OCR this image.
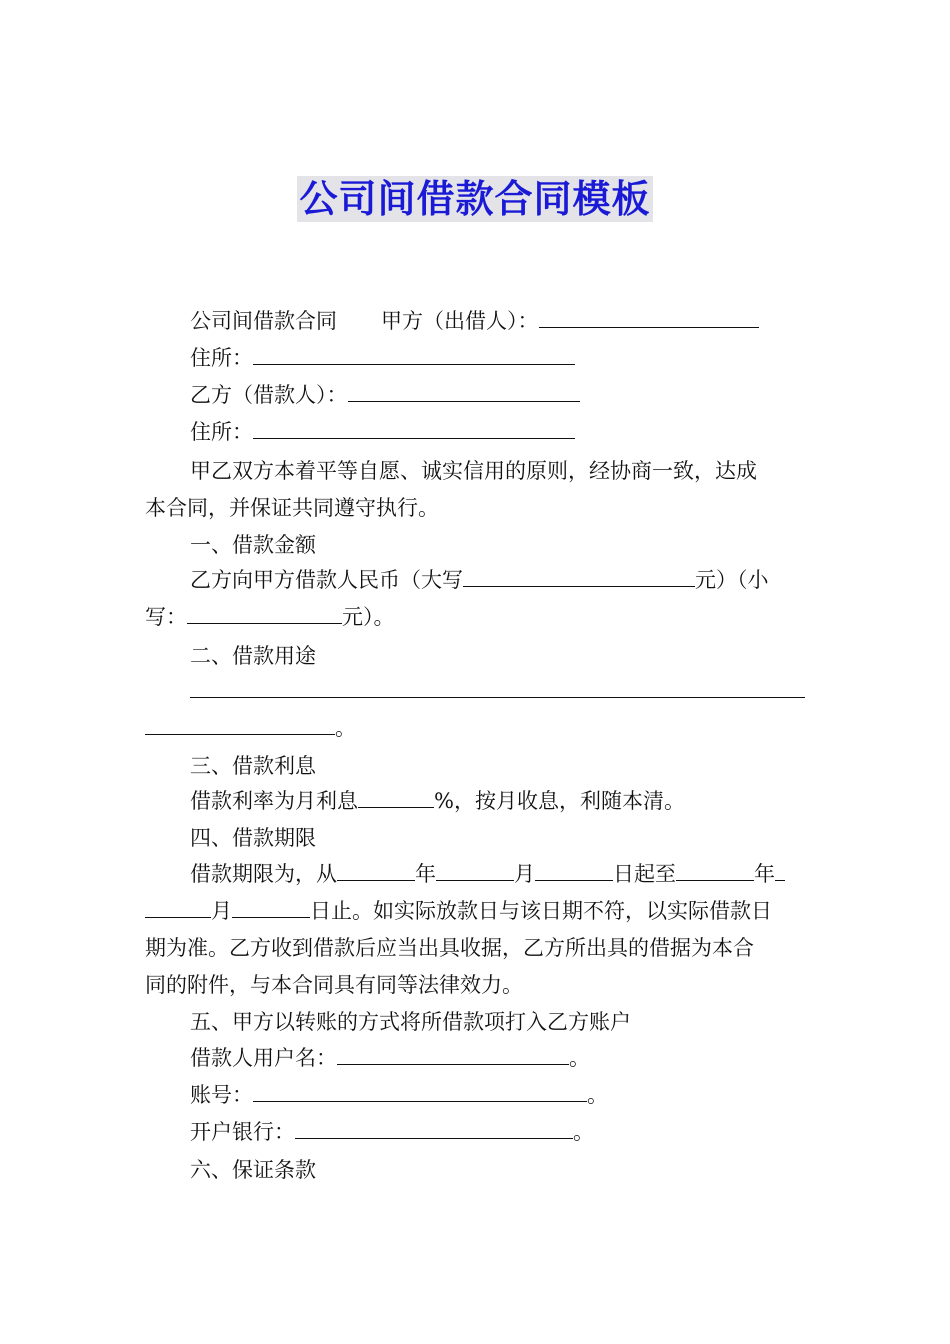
公司间借款合同模板
公司间借款合同 甲方（出借人）：
住所：
乙方（借款人）：
住所：
甲乙双方本着平等自愿、诚实信用的原则，经协商一致，达成
本合同，并保证共同遵守执行。
一、借款金额
乙方向甲方借款人民币（大写	元）（小
写：	元）。
二、借款用途
。
三、借款利息
借款利率为月利息	%，按月收息，利随本清。
四、借款期限
借款期限为，从	年	月	日起至	年
月	日止。如实际放款日与该日期不符，以实际借款日
期为准。乙方收到借款后应当出具收据，乙方所出具的借据为本合
同的附件，与本合同具有同等法律效力。
五、甲方以转账的方式将所借款项打入乙方账户
借款人用户名：	。
账号：	。
开户银行：	。
六、保证条款
